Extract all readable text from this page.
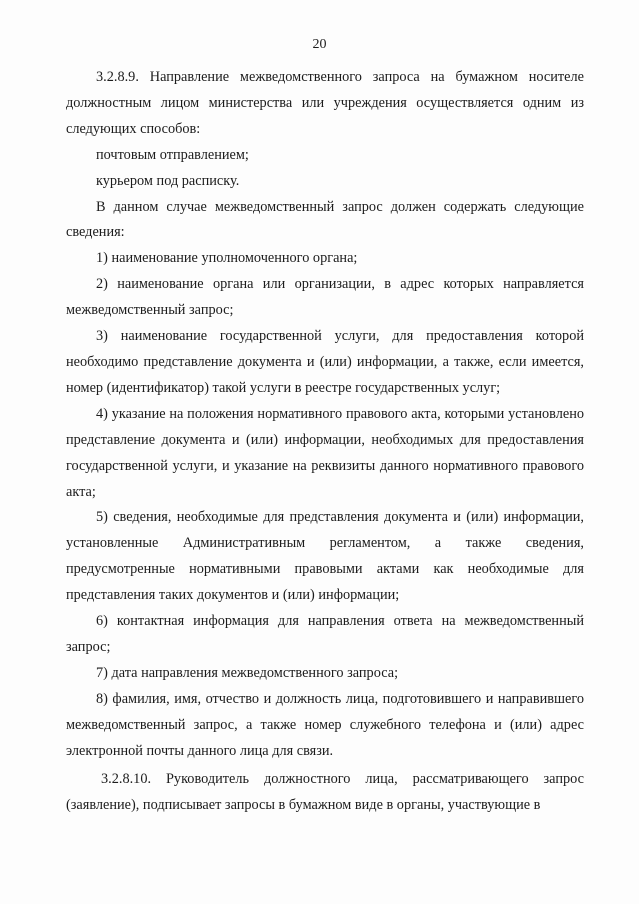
20

3.2.8.9. Направление межведомственного запроса на бумажном носителе должностным лицом министерства или учреждения осуществляется одним из следующих способов:

почтовым отправлением;

курьером под расписку.

В данном случае межведомственный запрос должен содержать следующие сведения:

1) наименование уполномоченного органа;

2) наименование органа или организации, в адрес которых направляется межведомственный запрос;

3) наименование государственной услуги, для предоставления которой необходимо представление документа и (или) информации, а также, если имеется, номер (идентификатор) такой услуги в реестре государственных услуг;

4) указание на положения нормативного правового акта, которыми установлено представление документа и (или) информации, необходимых для предоставления государственной услуги, и указание на реквизиты данного нормативного правового акта;

5) сведения, необходимые для представления документа и (или) информации, установленные Административным регламентом, а также сведения, предусмотренные нормативными правовыми актами как необходимые для представления таких документов и (или) информации;

6) контактная информация для направления ответа на межведомственный запрос;

7) дата направления межведомственного запроса;

8) фамилия, имя, отчество и должность лица, подготовившего и направившего межведомственный запрос, а также номер служебного телефона и (или) адрес электронной почты данного лица для связи.

3.2.8.10. Руководитель должностного лица, рассматривающего запрос (заявление), подписывает запросы в бумажном виде в органы, участвующие в
